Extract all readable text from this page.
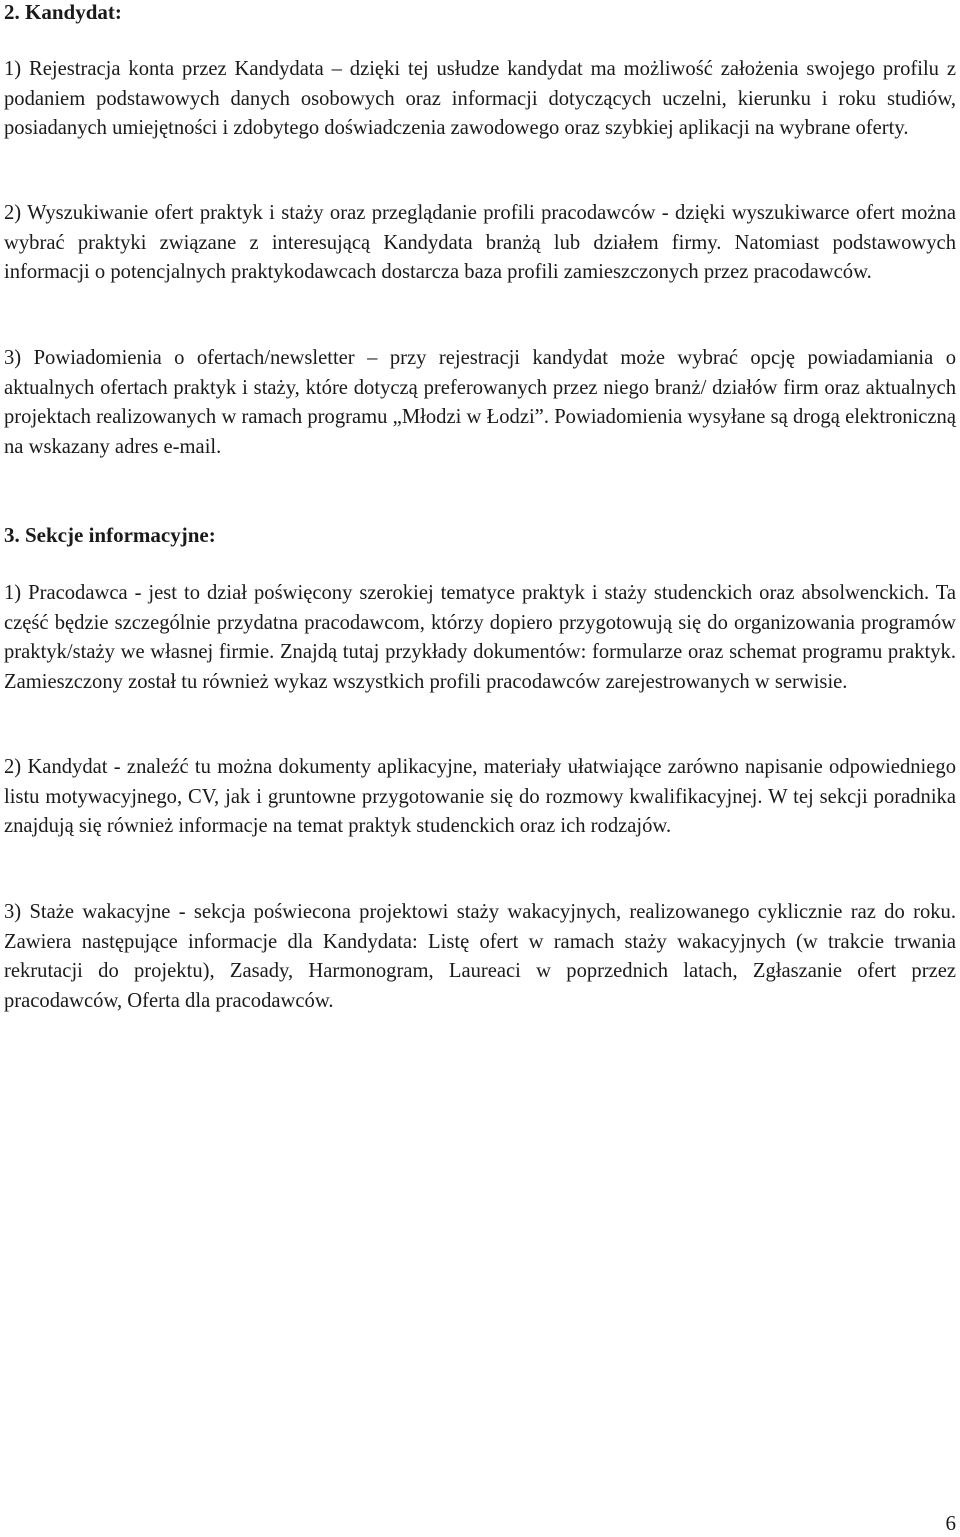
2. Kandydat:

1) Rejestracja konta przez Kandydata – dzięki tej usłudze kandydat ma możliwość założenia swojego profilu z podaniem podstawowych danych osobowych oraz informacji dotyczących uczelni, kierunku i roku studiów, posiadanych umiejętności i zdobytego doświadczenia zawodowego oraz szybkiej aplikacji na wybrane oferty.

2) Wyszukiwanie ofert praktyk i staży oraz przeglądanie profili pracodawców - dzięki wyszukiwarce ofert można wybrać praktyki związane z interesującą Kandydata branżą lub działem firmy. Natomiast podstawowych informacji o potencjalnych praktykodawcach dostarcza baza profili zamieszczonych przez pracodawców.

3) Powiadomienia o ofertach/newsletter – przy rejestracji kandydat może wybrać opcję powiadamiania o aktualnych ofertach praktyk i staży, które dotyczą preferowanych przez niego branż/ działów firm oraz aktualnych projektach realizowanych w ramach programu „Młodzi w Łodzi”. Powiadomienia wysyłane są drogą elektroniczną na wskazany adres e-mail.

3. Sekcje informacyjne:

1) Pracodawca - jest to dział poświęcony szerokiej tematyce praktyk i staży studenckich oraz absolwenckich. Ta część będzie szczególnie przydatna pracodawcom, którzy dopiero przygotowują się do organizowania programów praktyk/staży we własnej firmie. Znajdą tutaj przykłady dokumentów: formularze oraz schemat programu praktyk. Zamieszczony został tu również wykaz wszystkich profili pracodawców zarejestrowanych w serwisie.

2) Kandydat - znaleźć tu można dokumenty aplikacyjne, materiały ułatwiające zarówno napisanie odpowiedniego listu motywacyjnego, CV, jak i gruntowne przygotowanie się do rozmowy kwalifikacyjnej. W tej sekcji poradnika znajdują się również informacje na temat praktyk studenckich oraz ich rodzajów.

3) Staże wakacyjne - sekcja poświecona projektowi staży wakacyjnych, realizowanego cyklicznie raz do roku. Zawiera następujące informacje dla Kandydata: Listę ofert w ramach staży wakacyjnych (w trakcie trwania rekrutacji do projektu), Zasady, Harmonogram, Laureaci w poprzednich latach, Zgłaszanie ofert przez pracodawców, Oferta dla pracodawców.

6
